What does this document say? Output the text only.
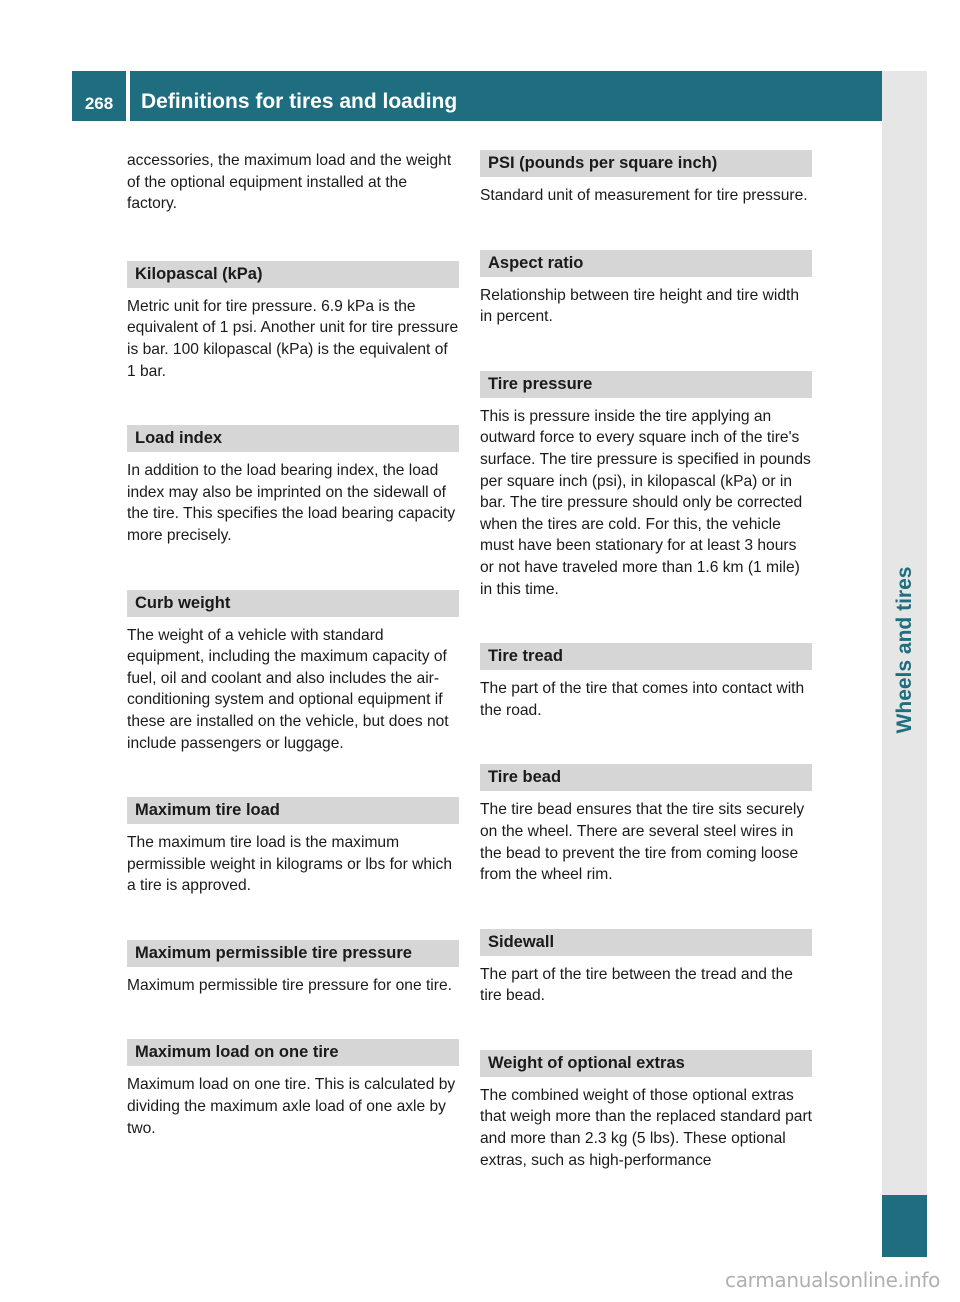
268	Definitions for tires and loading
Wheels and tires

accessories, the maximum load and the weight of the optional equipment installed at the factory.

Kilopascal (kPa)

Metric unit for tire pressure. 6.9 kPa is the equivalent of 1 psi. Another unit for tire pressure is bar. 100 kilopascal (kPa) is the equivalent of 1 bar.

Load index

In addition to the load bearing index, the load index may also be imprinted on the sidewall of the tire. This specifies the load bearing capacity more precisely.

Curb weight

The weight of a vehicle with standard equipment, including the maximum capacity of fuel, oil and coolant and also includes the air-conditioning system and optional equipment if these are installed on the vehicle, but does not include passengers or luggage.

Maximum tire load

The maximum tire load is the maximum permissible weight in kilograms or lbs for which a tire is approved.

Maximum permissible tire pressure

Maximum permissible tire pressure for one tire.

Maximum load on one tire

Maximum load on one tire. This is calculated by dividing the maximum axle load of one axle by two.

PSI (pounds per square inch)

Standard unit of measurement for tire pressure.

Aspect ratio

Relationship between tire height and tire width in percent.

Tire pressure

This is pressure inside the tire applying an outward force to every square inch of the tire's surface. The tire pressure is specified in pounds per square inch (psi), in kilopascal (kPa) or in bar. The tire pressure should only be corrected when the tires are cold. For this, the vehicle must have been stationary for at least 3 hours or not have traveled more than 1.6 km (1 mile) in this time.

Tire tread

The part of the tire that comes into contact with the road.

Tire bead

The tire bead ensures that the tire sits securely on the wheel. There are several steel wires in the bead to prevent the tire from coming loose from the wheel rim.

Sidewall

The part of the tire between the tread and the tire bead.

Weight of optional extras

The combined weight of those optional extras that weigh more than the replaced standard part and more than 2.3 kg (5 lbs). These optional extras, such as high-performance

carmanualsonline.info
